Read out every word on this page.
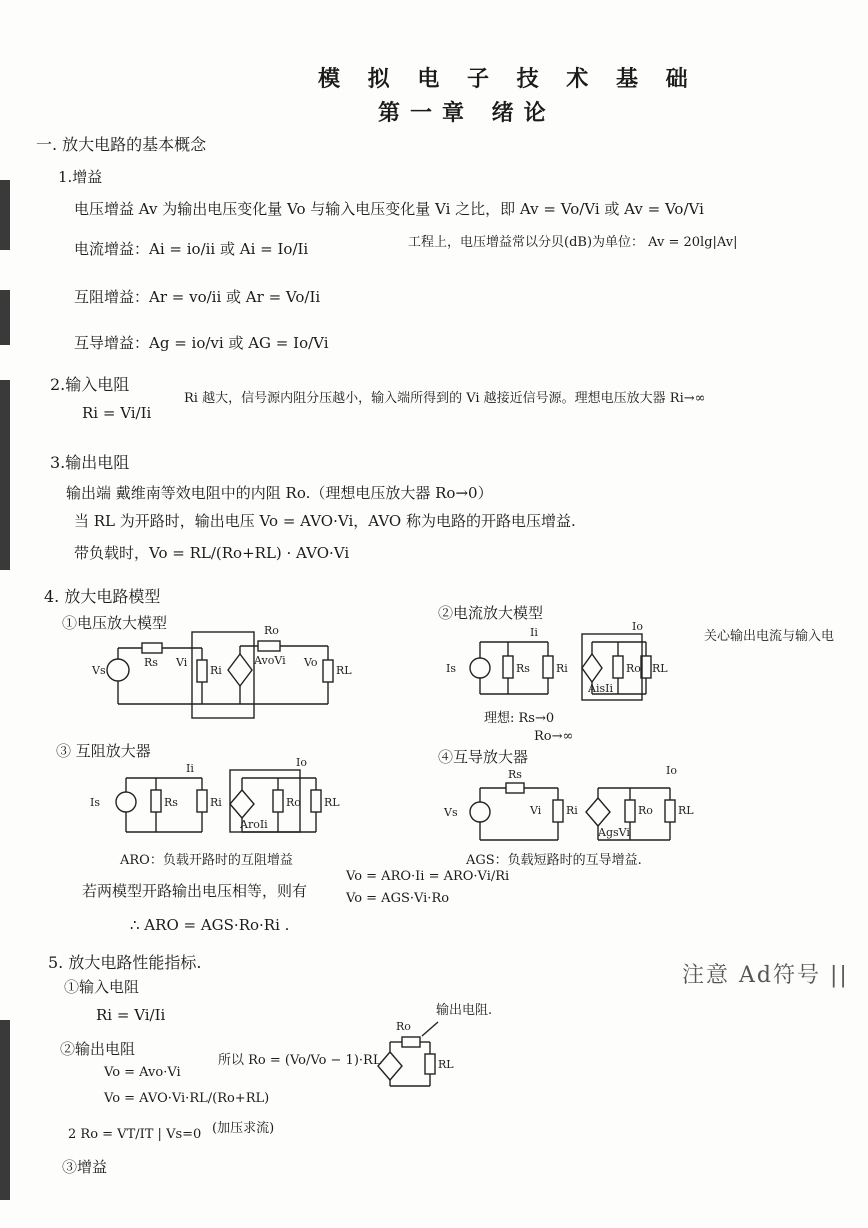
模 拟 电 子 技 术 基 础
第一章 绪论
一. 放大电路的基本概念
1.增益
电压增益 Av 为输出电压变化量 Vo 与输入电压变化量 Vi 之比，即 Av = Vo/Vi 或 Av = Vo/Vi
电流增益：Ai = io/ii 或 Ai = Io/Ii	工程上，电压增益常以分贝(dB)为单位： Av = 20lg|Av|
互阻增益：Ar = vo/ii 或 Ar = Vo/Ii
互导增益：Ag = io/vi 或 AG = Io/Vi
2.输入电阻
Ri = Vi/Ii
Ri 越大，信号源内阻分压越小，输入端所得到的 Vi 越接近信号源。理想电压放大器 Ri→∞
3.输出电阻
输出端 戴维南等效电阻中的内阻 Ro.（理想电压放大器 Ro→0）
当 RL 为开路时，输出电压 Vo = AVO·Vi，AVO 称为电路的开路电压增益.
带负载时，Vo = RL/(Ro+RL) · AVO·Vi
4. 放大电路模型
①电压放大模型
②电流放大模型
关心输出电流与输入电
理想: Rs→0
Ro→∞
Vs
Rs Vi
Ri
AvoVi
Ro
Vo
RL	Is	Rs
Ii
Ri
AisIi
Ro
Io
RL
③ 互阻放大器	④互导放大器
Is	Rs
Ii
Ri
AroIi
Ro
Io
RL
Vs
Rs
Vi Ri
AgsVi
Ro
Io
RL
ARO：负载开路时的互阻增益	AGS：负载短路时的互导增益.
若两模型开路输出电压相等，则有
Vo = ARO·Ii = ARO·Vi/Ri
Vo = AGS·Vi·Ro
∴ ARO = AGS·Ro·Ri .
5. 放大电路性能指标.
①输入电阻
Ri = Vi/Ii
②输出电阻
Vo = Avo·Vi
Vo = AVO·Vi·RL/(Ro+RL)
所以 Ro = (Vo/Vo − 1)·RL
输出电阻.
Ro
RL
2 Ro = VT/IT | Vs=0 (加压求流)
③增益
注意 Ad符号 ||
